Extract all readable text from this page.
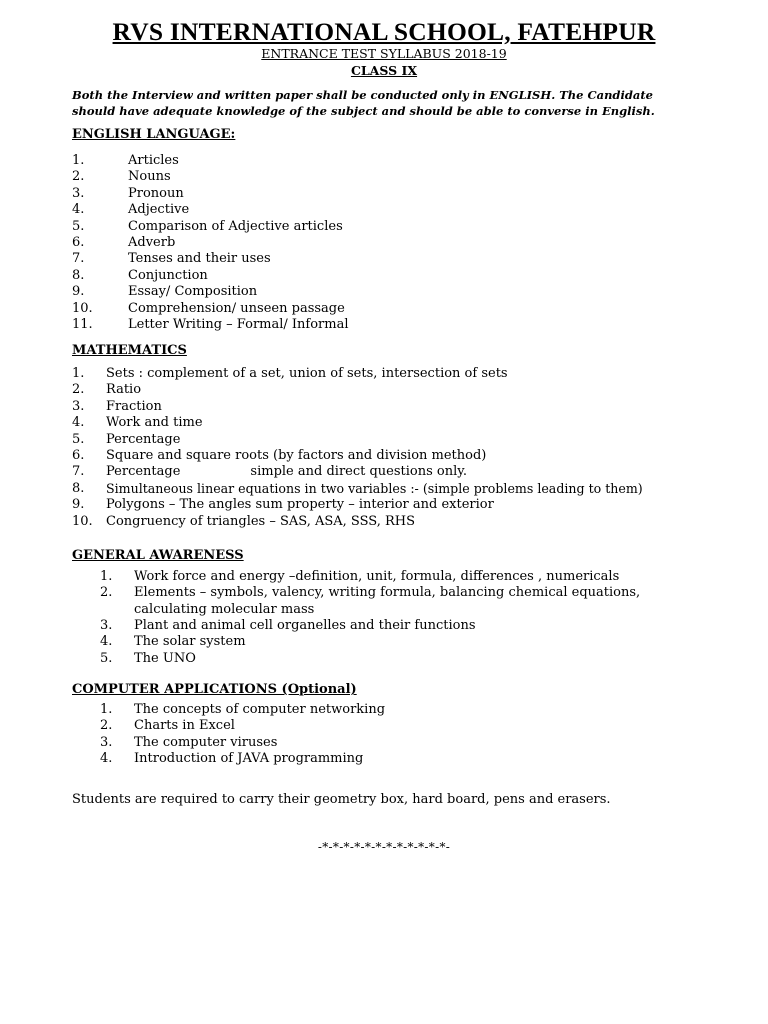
RVS INTERNATIONAL SCHOOL, FATEHPUR
ENTRANCE TEST SYLLABUS 2018-19
CLASS IX
Both the Interview and written paper shall be conducted only in ENGLISH. The Candidate
should have adequate knowledge of the subject and should be able to converse in English.
ENGLISH LANGUAGE:
1.	Articles
2.	Nouns
3.	Pronoun
4.	Adjective
5.	Comparison of Adjective articles
6.	Adverb
7.	Tenses and their uses
8.	Conjunction
9.	Essay/ Composition
10.	Comprehension/ unseen passage
11.	Letter Writing – Formal/ Informal
MATHEMATICS
1. Sets : complement of a set, union of sets, intersection of sets
2. Ratio
3. Fraction
4. Work and time
5. Percentage
6. Square and square roots (by factors and division method)
7. Percentage	simple and direct questions only.
8. Simultaneous linear equations in two variables :- (simple problems leading to them)
9. Polygons – The angles sum property – interior and exterior
10. Congruency of triangles – SAS, ASA, SSS, RHS
GENERAL AWARENESS
1. Work force and energy –definition, unit, formula, differences , numericals
2. Elements – symbols, valency, writing formula, balancing chemical equations, calculating molecular mass
3. Plant and animal cell organelles and their functions
4. The solar system
5. The UNO
COMPUTER APPLICATIONS (Optional)
1. The concepts of computer networking
2. Charts in Excel
3. The computer viruses
4. Introduction of JAVA programming
Students are required to carry their geometry box, hard board, pens and erasers.
-*-*-*-*-*-*-*-*-*-*-*-*-
